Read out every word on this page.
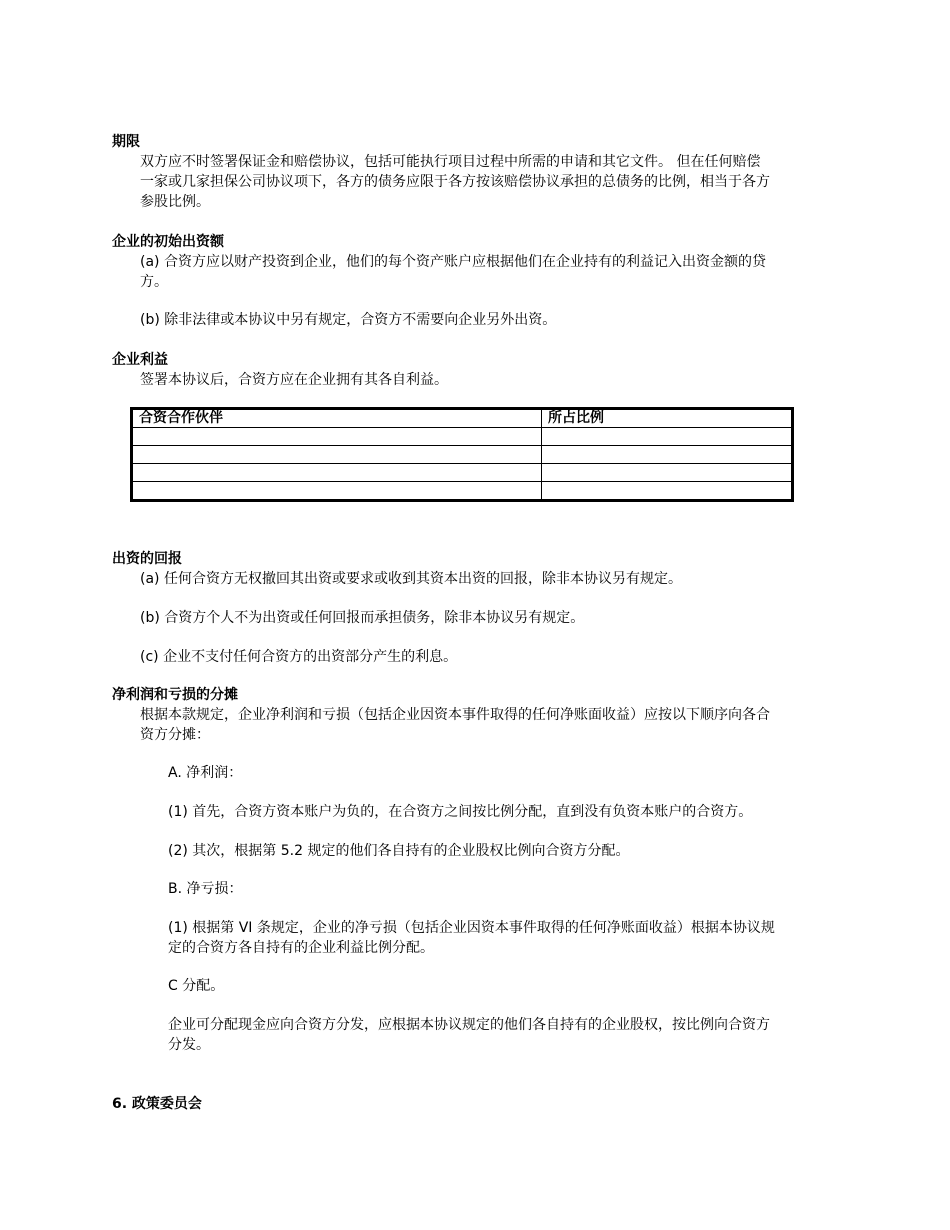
期限

双方应不时签署保证金和赔偿协议，包括可能执行项目过程中所需的申请和其它文件。 但在任何赔偿

一家或几家担保公司协议项下，各方的债务应限于各方按该赔偿协议承担的总债务的比例，相当于各方

参股比例。

企业的初始出资额

(a) 合资方应以财产投资到企业，他们的每个资产账户应根据他们在企业持有的利益记入出资金额的贷

方。

(b) 除非法律或本协议中另有规定，合资方不需要向企业另外出资。

企业利益

签署本协议后，合资方应在企业拥有其各自利益。

合资合作伙伴	所占比例

出资的回报

(a) 任何合资方无权撤回其出资或要求或收到其资本出资的回报，除非本协议另有规定。

(b) 合资方个人不为出资或任何回报而承担债务，除非本协议另有规定。

(c) 企业不支付任何合资方的出资部分产生的利息。

净利润和亏损的分摊

根据本款规定，企业净利润和亏损（包括企业因资本事件取得的任何净账面收益）应按以下顺序向各合

资方分摊：

A. 净利润：

(1) 首先，合资方资本账户为负的，在合资方之间按比例分配，直到没有负资本账户的合资方。

(2) 其次，根据第 5.2 规定的他们各自持有的企业股权比例向合资方分配。

B. 净亏损：

(1) 根据第 VI 条规定，企业的净亏损（包括企业因资本事件取得的任何净账面收益）根据本协议规

定的合资方各自持有的企业利益比例分配。

C 分配。

企业可分配现金应向合资方分发，应根据本协议规定的他们各自持有的企业股权，按比例向合资方

分发。

6. 政策委员会
